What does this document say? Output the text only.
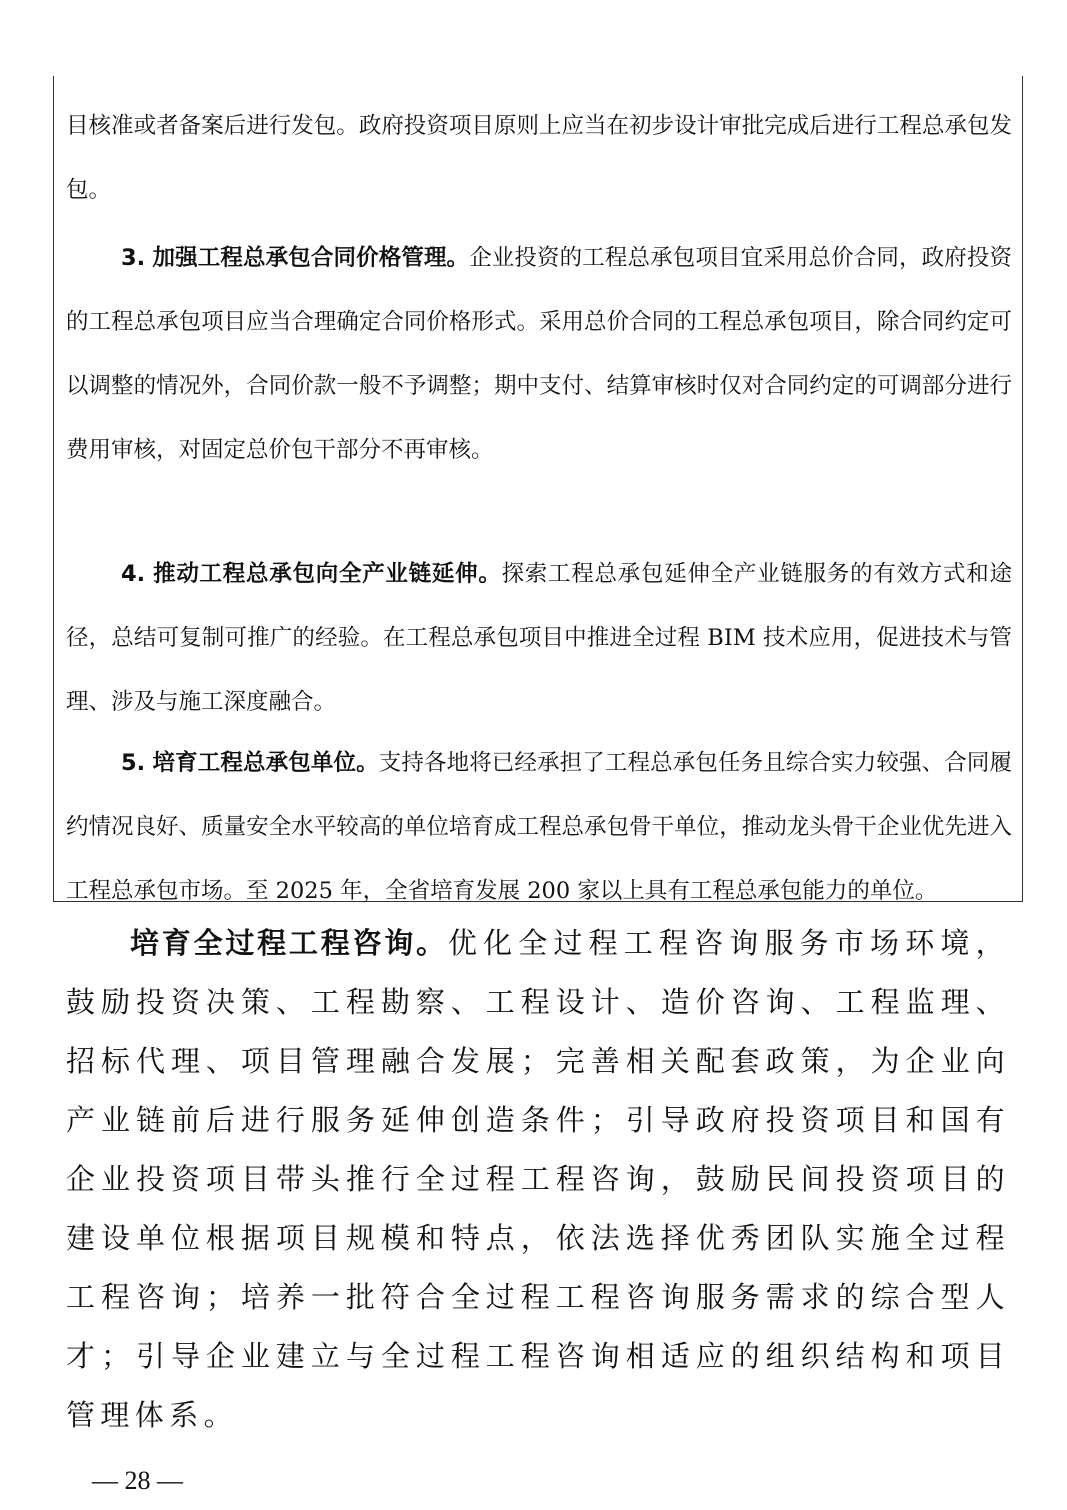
目核准或者备案后进行发包。政府投资项目原则上应当在初步设计审批完成后进行工程总承包发包。

3. 加强工程总承包合同价格管理。企业投资的工程总承包项目宜采用总价合同，政府投资的工程总承包项目应当合理确定合同价格形式。采用总价合同的工程总承包项目，除合同约定可以调整的情况外，合同价款一般不予调整；期中支付、结算审核时仅对合同约定的可调部分进行费用审核，对固定总价包干部分不再审核。

4. 推动工程总承包向全产业链延伸。探索工程总承包延伸全产业链服务的有效方式和途径，总结可复制可推广的经验。在工程总承包项目中推进全过程 BIM 技术应用，促进技术与管理、涉及与施工深度融合。

5. 培育工程总承包单位。支持各地将已经承担了工程总承包任务且综合实力较强、合同履约情况良好、质量安全水平较高的单位培育成工程总承包骨干单位，推动龙头骨干企业优先进入工程总承包市场。至 2025 年，全省培育发展 200 家以上具有工程总承包能力的单位。

培育全过程工程咨询。优化全过程工程咨询服务市场环境，鼓励投资决策、工程勘察、工程设计、造价咨询、工程监理、招标代理、项目管理融合发展；完善相关配套政策，为企业向产业链前后进行服务延伸创造条件；引导政府投资项目和国有企业投资项目带头推行全过程工程咨询，鼓励民间投资项目的建设单位根据项目规模和特点，依法选择优秀团队实施全过程工程咨询；培养一批符合全过程工程咨询服务需求的综合型人才；引导企业建立与全过程工程咨询相适应的组织结构和项目管理体系。

— 28 —
